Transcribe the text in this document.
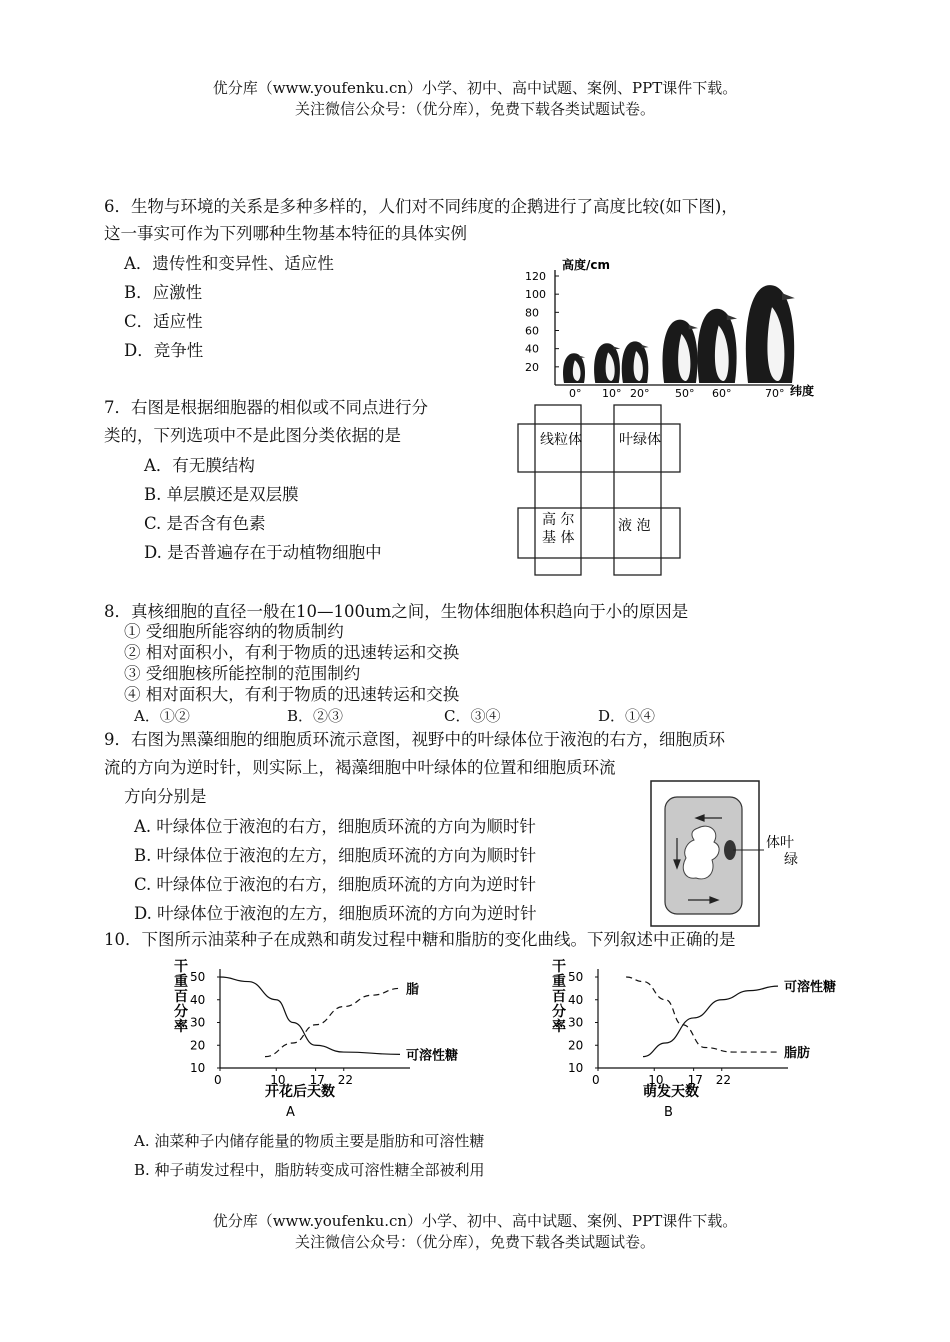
优分库（www.youfenku.cn）小学、初中、高中试题、案例、PPT课件下载。
关注微信公众号：（优分库），免费下载各类试题试卷。
6．生物与环境的关系是多种多样的，人们对不同纬度的企鹅进行了高度比较(如下图)，
这一事实可作为下列哪种生物基本特征的具体实例
A．遗传性和变异性、适应性
B．应激性
C．适应性
D．竞争性
高度/cm
120
100
80
60
40
20
0° 10° 20° 50° 60°	70° 纬度
7．右图是根据细胞器的相似或不同点进行分
类的，下列选项中不是此图分类依据的是
A．有无膜结构
B. 单层膜还是双层膜
C. 是否含有色素
D. 是否普遍存在于动植物细胞中
线粒体	叶绿体
高 尔
基 体
液 泡
8．真核细胞的直径一般在10—100um之间，生物体细胞体积趋向于小的原因是
① 受细胞所能容纳的物质制约
② 相对面积小，有利于物质的迅速转运和交换
③ 受细胞核所能控制的范围制约
④ 相对面积大，有利于物质的迅速转运和交换
A．①②	B．②③	C．③④	D．①④
9．右图为黑藻细胞的细胞质环流示意图，视野中的叶绿体位于液泡的右方，细胞质环
流的方向为逆时针，则实际上，褐藻细胞中叶绿体的位置和细胞质环流
方向分别是
A. 叶绿体位于液泡的右方，细胞质环流的方向为顺时针
B. 叶绿体位于液泡的左方，细胞质环流的方向为顺时针
C. 叶绿体位于液泡的右方，细胞质环流的方向为逆时针
D. 叶绿体位于液泡的左方，细胞质环流的方向为逆时针
体叶
绿
10．下图所示油菜种子在成熟和萌发过程中糖和脂肪的变化曲线。下列叙述中正确的是
干
重
百
分
率
50
40
30
20
10
0	10 17 22
开花后天数
A
可溶性糖
脂
干
重
百
分
率
50
40
30
20
10
0	10 17 22
萌发天数
B
可溶性糖
脂肪
A. 油菜种子内储存能量的物质主要是脂肪和可溶性糖
B. 种子萌发过程中，脂肪转变成可溶性糖全部被利用
优分库（www.youfenku.cn）小学、初中、高中试题、案例、PPT课件下载。
关注微信公众号：（优分库），免费下载各类试题试卷。
